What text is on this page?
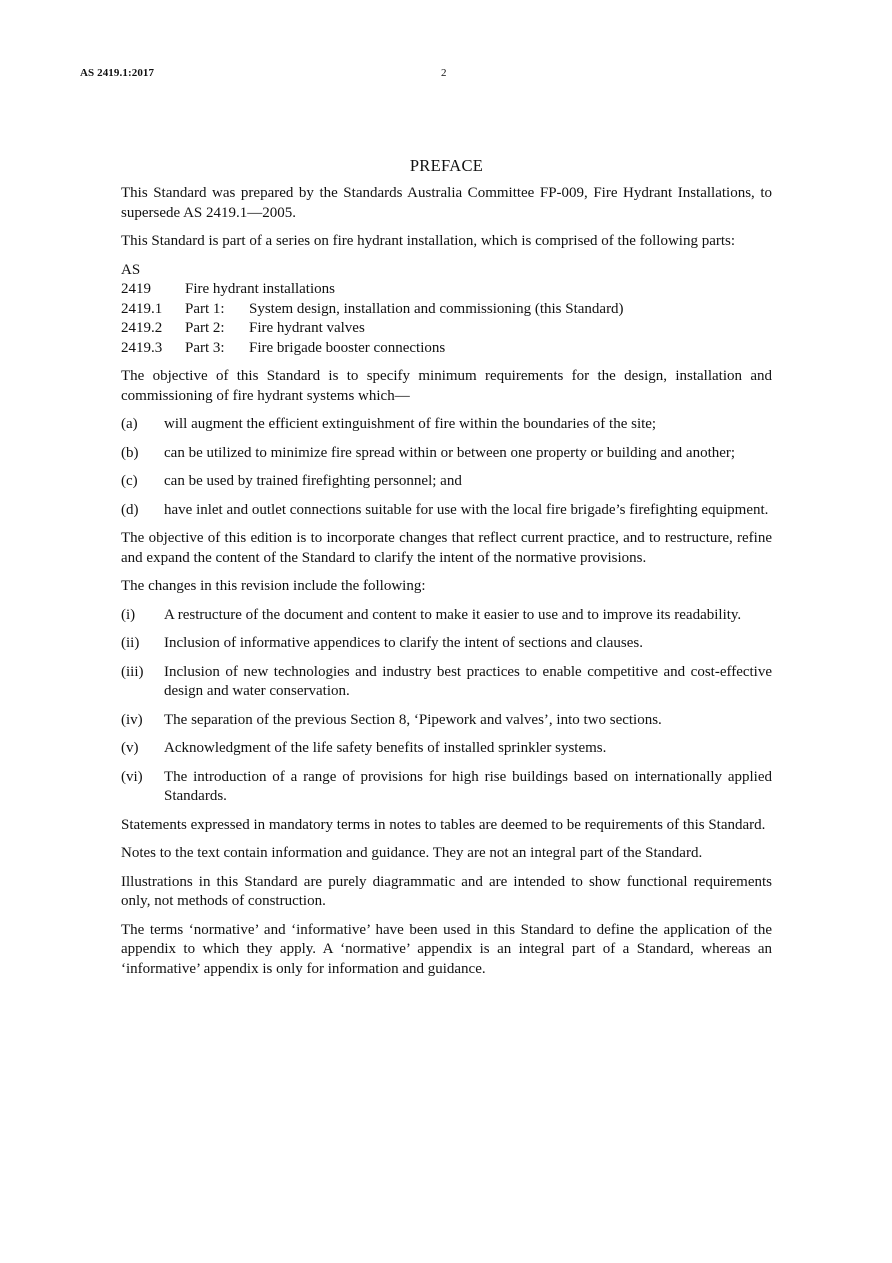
AS 2419.1:2017	2
PREFACE

This Standard was prepared by the Standards Australia Committee FP-009, Fire Hydrant Installations, to supersede AS 2419.1—2005.

This Standard is part of a series on fire hydrant installation, which is comprised of the following parts:

AS
2419	Fire hydrant installations
2419.1	Part 1:	System design, installation and commissioning (this Standard)
2419.2	Part 2:	Fire hydrant valves
2419.3	Part 3:	Fire brigade booster connections

The objective of this Standard is to specify minimum requirements for the design, installation and commissioning of fire hydrant systems which—

(a)	will augment the efficient extinguishment of fire within the boundaries of the site;
(b)	can be utilized to minimize fire spread within or between one property or building and another;
(c)	can be used by trained firefighting personnel; and
(d)	have inlet and outlet connections suitable for use with the local fire brigade’s firefighting equipment.

The objective of this edition is to incorporate changes that reflect current practice, and to restructure, refine and expand the content of the Standard to clarify the intent of the normative provisions.

The changes in this revision include the following:

(i)	A restructure of the document and content to make it easier to use and to improve its readability.
(ii)	Inclusion of informative appendices to clarify the intent of sections and clauses.
(iii)	Inclusion of new technologies and industry best practices to enable competitive and cost-effective design and water conservation.
(iv)	The separation of the previous Section 8, ‘Pipework and valves’, into two sections.
(v)	Acknowledgment of the life safety benefits of installed sprinkler systems.
(vi)	The introduction of a range of provisions for high rise buildings based on internationally applied Standards.

Statements expressed in mandatory terms in notes to tables are deemed to be requirements of this Standard.

Notes to the text contain information and guidance. They are not an integral part of the Standard.

Illustrations in this Standard are purely diagrammatic and are intended to show functional requirements only, not methods of construction.

The terms ‘normative’ and ‘informative’ have been used in this Standard to define the application of the appendix to which they apply. A ‘normative’ appendix is an integral part of a Standard, whereas an ‘informative’ appendix is only for information and guidance.
